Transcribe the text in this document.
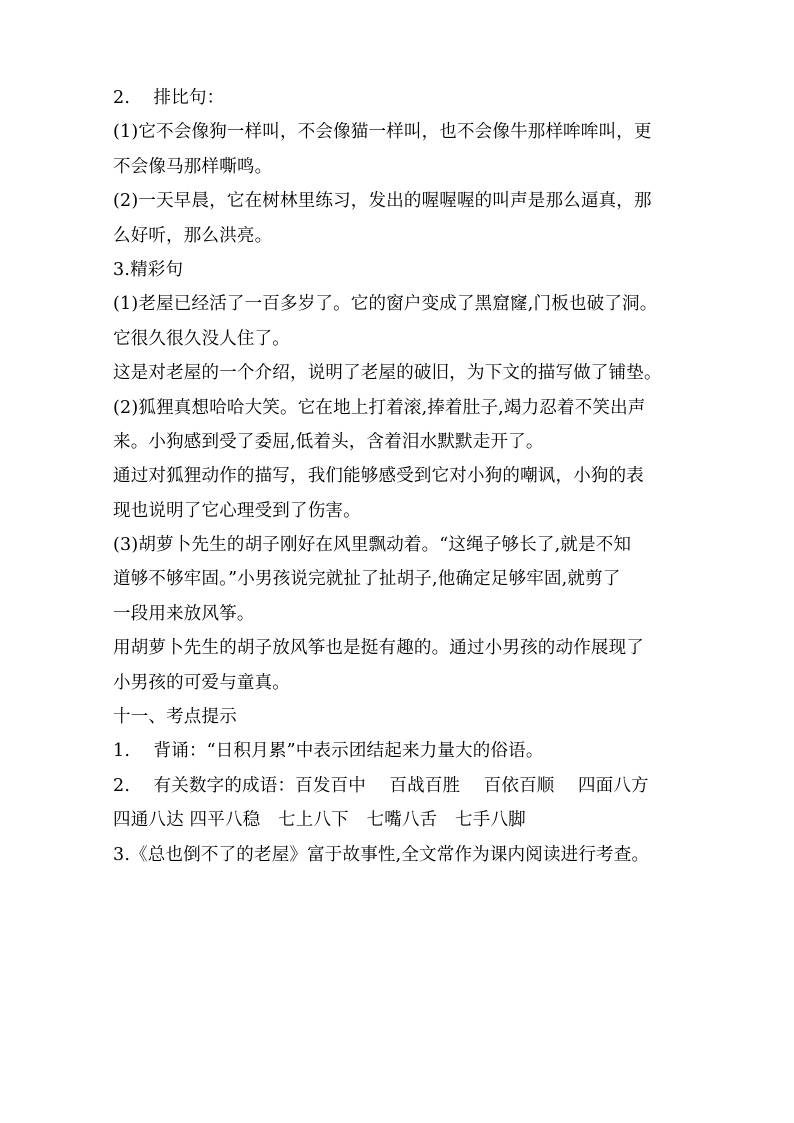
2.　 排比句：
(1)它不会像狗一样叫，不会像猫一样叫，也不会像牛那样哞哞叫，更
不会像马那样嘶鸣。
(2)一天早晨，它在树林里练习，发出的喔喔喔的叫声是那么逼真，那
么好听，那么洪亮。
3.精彩句
(1)老屋已经活了一百多岁了。它的窗户变成了黑窟窿,门板也破了洞。
它很久很久没人住了。
这是对老屋的一个介绍，说明了老屋的破旧，为下文的描写做了铺垫。
(2)狐狸真想哈哈大笑。它在地上打着滚,捧着肚子,竭力忍着不笑出声
来。小狗感到受了委屈,低着头，含着泪水默默走开了。
通过对狐狸动作的描写，我们能够感受到它对小狗的嘲讽，小狗的表
现也说明了它心理受到了伤害。
(3)胡萝卜先生的胡子刚好在风里飘动着。“这绳子够长了,就是不知
道够不够牢固。”小男孩说完就扯了扯胡子,他确定足够牢固,就剪了
一段用来放风筝。
用胡萝卜先生的胡子放风筝也是挺有趣的。通过小男孩的动作展现了
小男孩的可爱与童真。
十一、考点提示
1.　 背诵：“日积月累”中表示团结起来力量大的俗语。
2.　 有关数字的成语：百发百中　 百战百胜　 百依百顺　 四面八方
四通八达 四平八稳　七上八下　七嘴八舌　七手八脚
3.《总也倒不了的老屋》富于故事性,全文常作为课内阅读进行考查。
